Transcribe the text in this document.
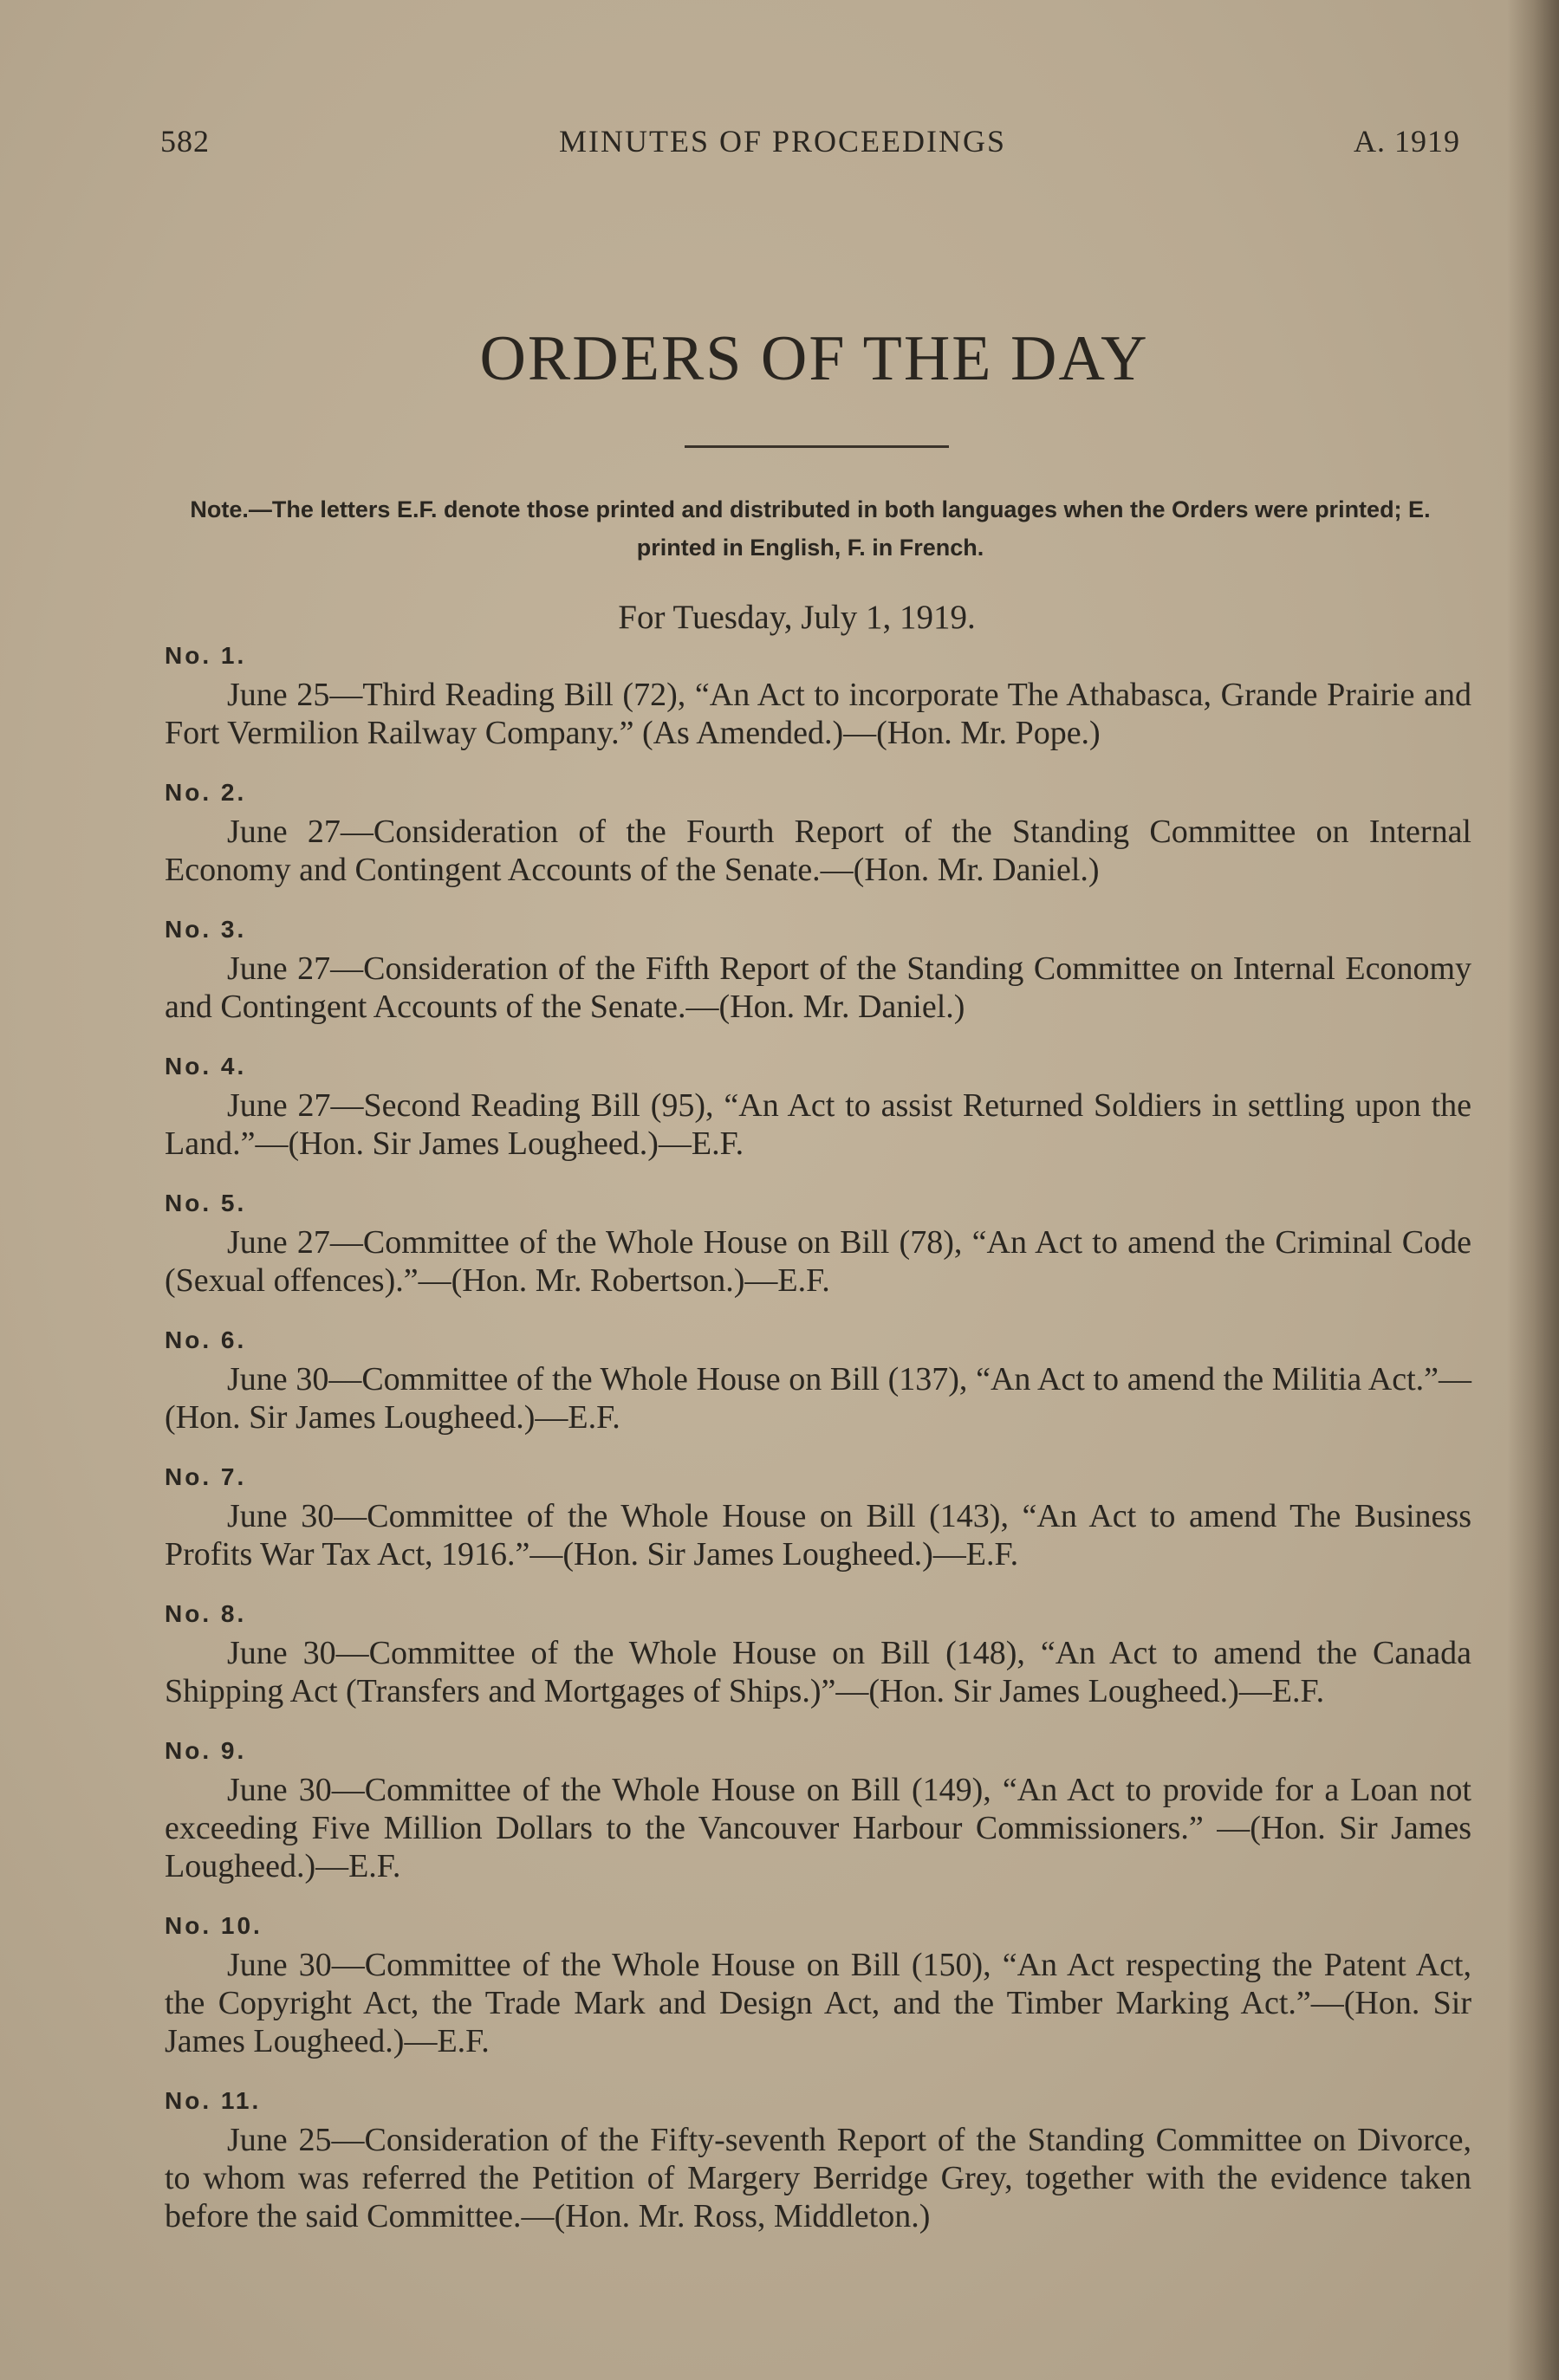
582	MINUTES OF PROCEEDINGS	A. 1919
ORDERS OF THE DAY
Note.—The letters E.F. denote those printed and distributed in both languages when the Orders were printed; E. printed in English, F. in French.
For Tuesday, July 1, 1919.
No. 1.
June 25—Third Reading Bill (72), “An Act to incorporate The Athabasca, Grande Prairie and Fort Vermilion Railway Company.” (As Amended.)—(Hon. Mr. Pope.)
No. 2.
June 27—Consideration of the Fourth Report of the Standing Committee on Internal Economy and Contingent Accounts of the Senate.—(Hon. Mr. Daniel.)
No. 3.
June 27—Consideration of the Fifth Report of the Standing Committee on Internal Economy and Contingent Accounts of the Senate.—(Hon. Mr. Daniel.)
No. 4.
June 27—Second Reading Bill (95), “An Act to assist Returned Soldiers in settling upon the Land.”—(Hon. Sir James Lougheed.)—E.F.
No. 5.
June 27—Committee of the Whole House on Bill (78), “An Act to amend the Criminal Code (Sexual offences).”—(Hon. Mr. Robertson.)—E.F.
No. 6.
June 30—Committee of the Whole House on Bill (137), “An Act to amend the Militia Act.”—(Hon. Sir James Lougheed.)—E.F.
No. 7.
June 30—Committee of the Whole House on Bill (143), “An Act to amend The Business Profits War Tax Act, 1916.”—(Hon. Sir James Lougheed.)—E.F.
No. 8.
June 30—Committee of the Whole House on Bill (148), “An Act to amend the Canada Shipping Act (Transfers and Mortgages of Ships.)”—(Hon. Sir James Lougheed.)—E.F.
No. 9.
June 30—Committee of the Whole House on Bill (149), “An Act to provide for a Loan not exceeding Five Million Dollars to the Vancouver Harbour Commissioners.” —(Hon. Sir James Lougheed.)—E.F.
No. 10.
June 30—Committee of the Whole House on Bill (150), “An Act respecting the Patent Act, the Copyright Act, the Trade Mark and Design Act, and the Timber Marking Act.”—(Hon. Sir James Lougheed.)—E.F.
No. 11.
June 25—Consideration of the Fifty-seventh Report of the Standing Committee on Divorce, to whom was referred the Petition of Margery Berridge Grey, together with the evidence taken before the said Committee.—(Hon. Mr. Ross, Middleton.)
